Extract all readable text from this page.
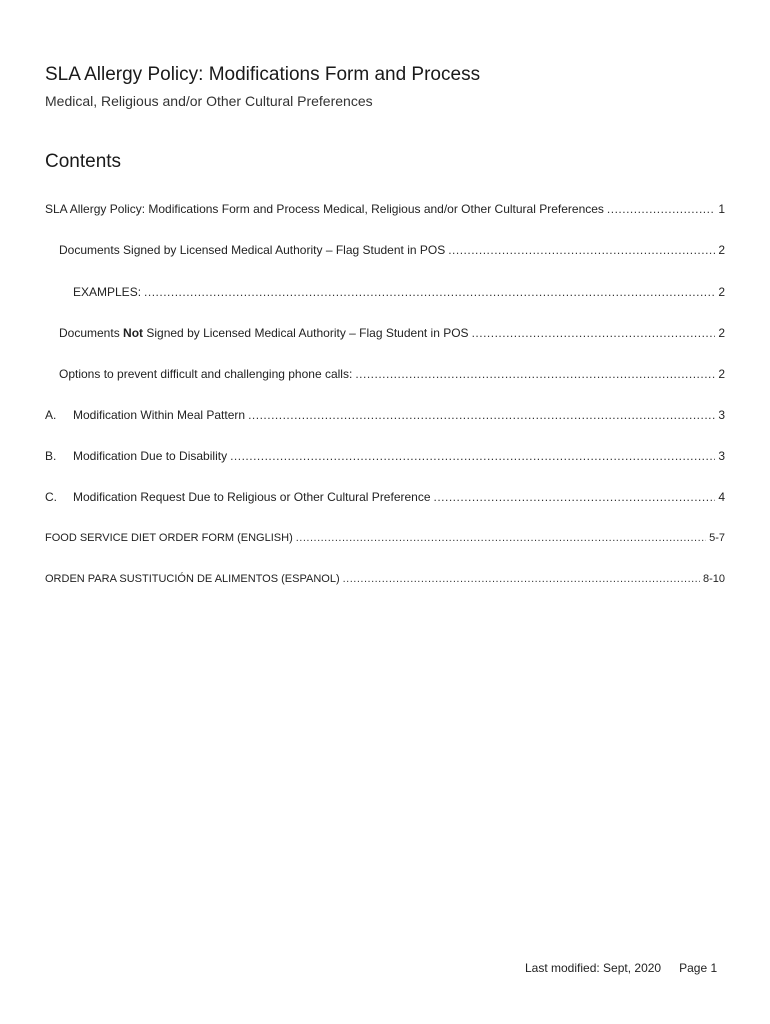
SLA Allergy Policy: Modifications Form and Process
Medical, Religious and/or Other Cultural Preferences
Contents
SLA Allergy Policy: Modifications Form and Process Medical, Religious and/or Other Cultural Preferences .....	1
Documents Signed by Licensed Medical Authority – Flag Student in POS .....	2
EXAMPLES: .....	2
Documents Not Signed by Licensed Medical Authority – Flag Student in POS .....	2
Options to prevent difficult and challenging phone calls: .....	2
A.	Modification Within Meal Pattern .....	3
B.	Modification Due to Disability .....	3
C.	Modification Request Due to Religious or Other Cultural Preference .....	4
FOOD SERVICE DIET ORDER FORM (ENGLISH) .....	5-7
ORDEN PARA SUSTITUCIÓN DE ALIMENTOS (ESPANOL) .....	8-10
Last modified: Sept, 2020 Page 1
